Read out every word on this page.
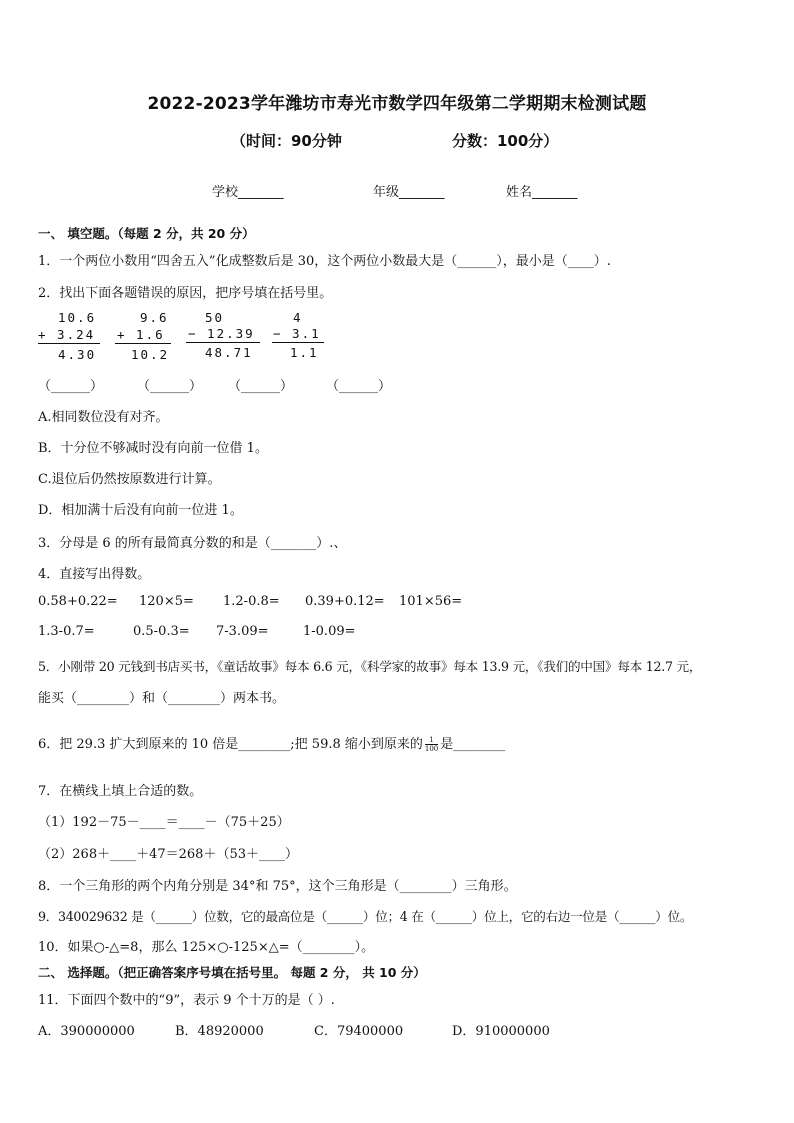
2022-2023学年潍坊市寿光市数学四年级第二学期期末检测试题
（时间：90分钟	分数：100分）
学校_______	年级_______	姓名_______
一、 填空题。（每题 2 分，共 20 分）
1．一个两位小数用“四舍五入”化成整数后是 30，这个两位小数最大是（______），最小是（____）.
2．找出下面各题错误的原因，把序号填在括号里。
10.6
+ 3.24
4.30
9.6
+ 1.6
10.2
50
− 12.39
48.71
4
− 3.1
1.1
（______）	（______） （______）	（______）
A.相同数位没有对齐。
B．十分位不够减时没有向前一位借 1。
C.退位后仍然按原数进行计算。
D．相加满十后没有向前一位进 1。
3．分母是 6 的所有最简真分数的和是（_______）.、
4．直接写出得数。
0.58+0.22= 120×5= 1.2-0.8= 0.39+0.12= 101×56=
1.3-0.7=	0.5-0.3= 7-3.09=	1-0.09=
5．小刚带 20 元钱到书店买书，《童话故事》每本 6.6 元，《科学家的故事》每本 13.9 元，《我们的中国》每本 12.7 元，
能买（________）和（________）两本书。
6．把 29.3 扩大到原来的 10 倍是________;把 59.8 缩小到原来的 $\frac{1}{100}$ 是________
7．在横线上填上合适的数。
（1）192－75－____＝____－（75＋25）
（2）268＋____＋47＝268＋（53＋____）
8．一个三角形的两个内角分别是 34°和 75°，这个三角形是（________）三角形。
9．340029632 是（______）位数，它的最高位是（______）位；4 在（______）位上，它的右边一位是（______）位。
10．如果○-△=8，那么 125×○-125×△=（________）。
二、 选择题。（把正确答案序号填在括号里。 每题 2 分， 共 10 分）
11．下面四个数中的“9”，表示 9 个十万的是（ ）.
A．390000000	B．48920000	C．79400000	D．910000000
